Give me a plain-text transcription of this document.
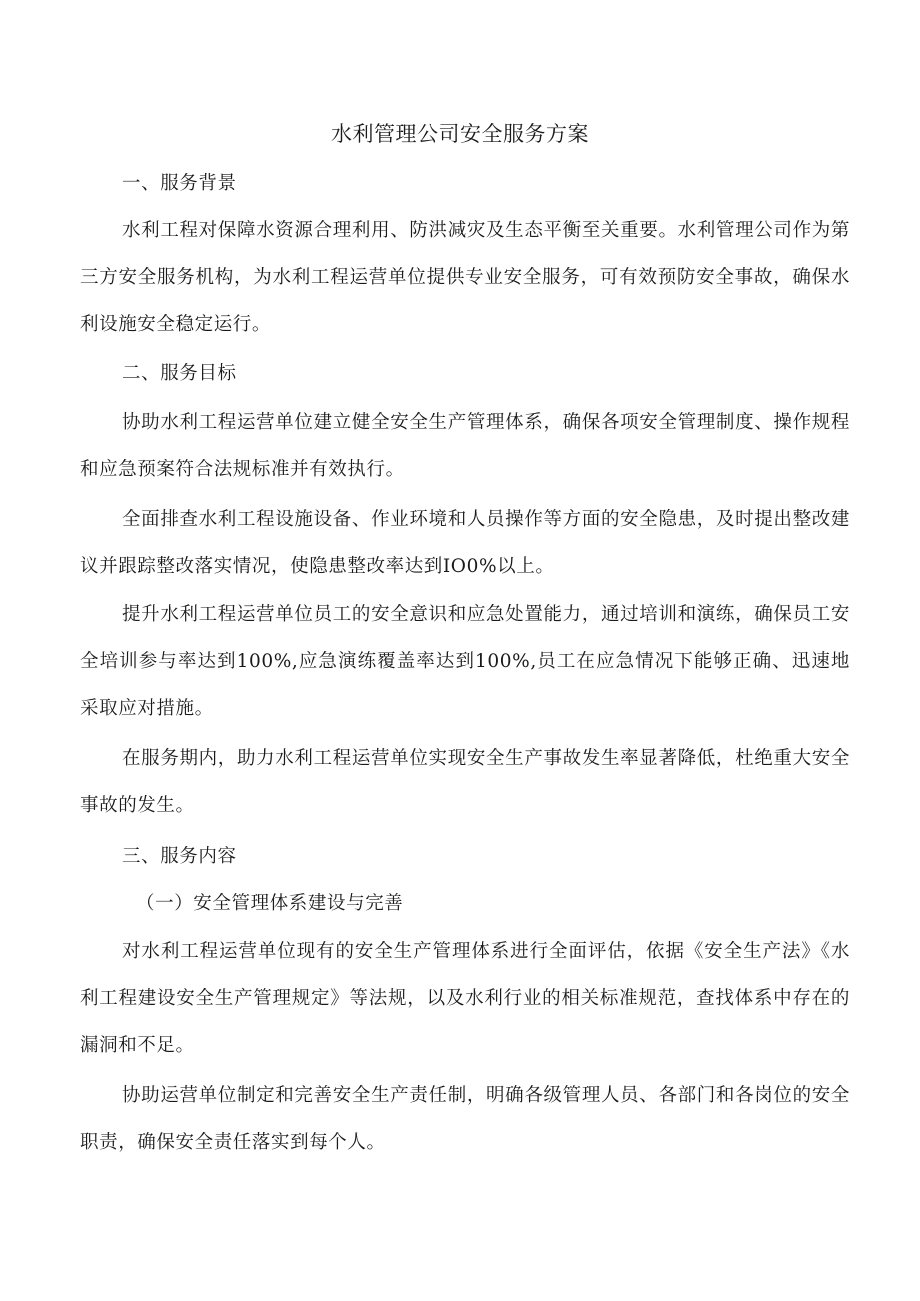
水利管理公司安全服务方案
一、服务背景
水利工程对保障水资源合理利用、防洪减灾及生态平衡至关重要。水利管理公司作为第三方安全服务机构，为水利工程运营单位提供专业安全服务，可有效预防安全事故，确保水利设施安全稳定运行。
二、服务目标
协助水利工程运营单位建立健全安全生产管理体系，确保各项安全管理制度、操作规程和应急预案符合法规标准并有效执行。
全面排查水利工程设施设备、作业环境和人员操作等方面的安全隐患，及时提出整改建议并跟踪整改落实情况，使隐患整改率达到IO0%以上。
提升水利工程运营单位员工的安全意识和应急处置能力，通过培训和演练，确保员工安全培训参与率达到100%,应急演练覆盖率达到100%,员工在应急情况下能够正确、迅速地采取应对措施。
在服务期内，助力水利工程运营单位实现安全生产事故发生率显著降低，杜绝重大安全事故的发生。
三、服务内容
（一）安全管理体系建设与完善
对水利工程运营单位现有的安全生产管理体系进行全面评估，依据《安全生产法》《水利工程建设安全生产管理规定》等法规，以及水利行业的相关标准规范，查找体系中存在的漏洞和不足。
协助运营单位制定和完善安全生产责任制，明确各级管理人员、各部门和各岗位的安全职责，确保安全责任落实到每个人。
